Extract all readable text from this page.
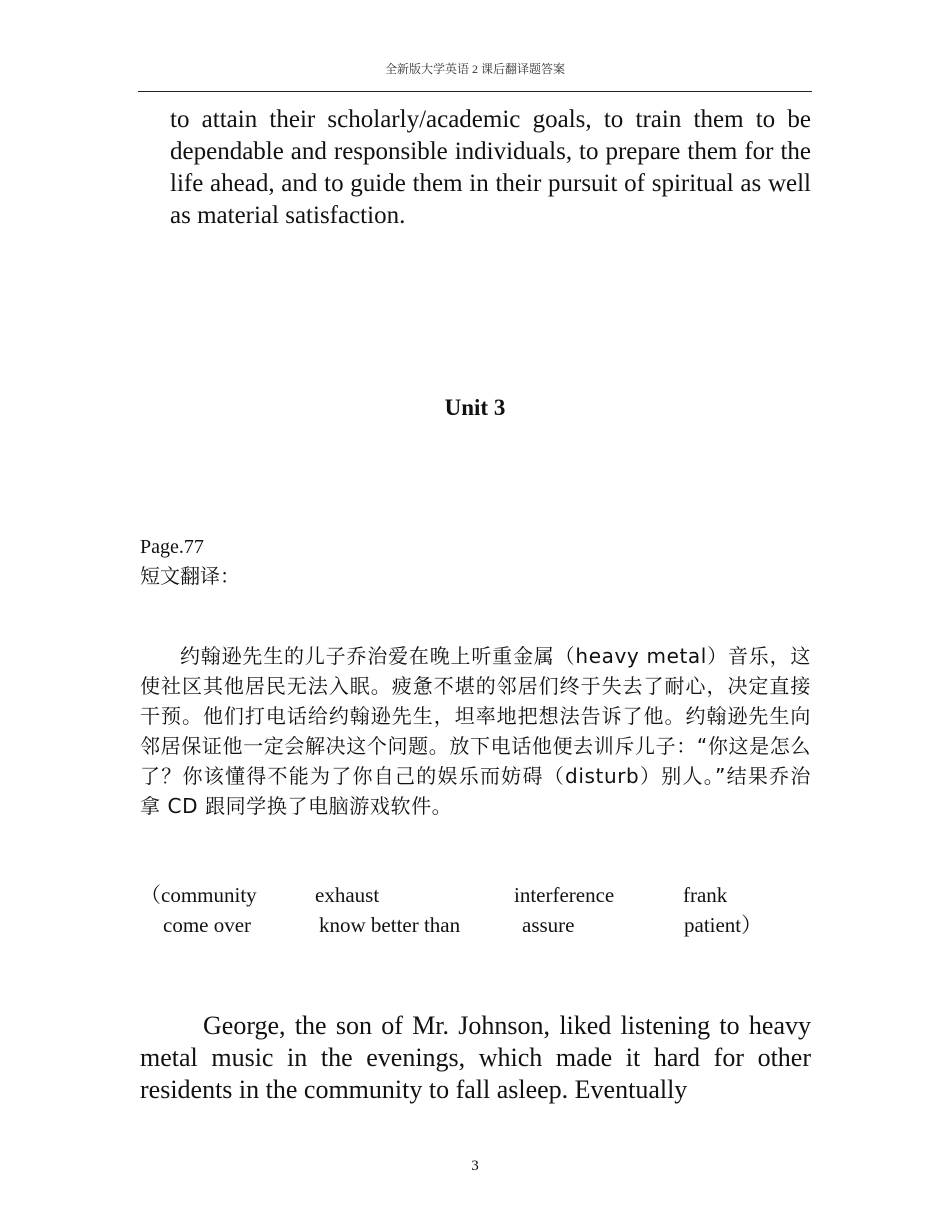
全新版大学英语 2 课后翻译题答案

to attain their scholarly/academic goals, to train them to be dependable and responsible individuals, to prepare them for the life ahead, and to guide them in their pursuit of spiritual as well as material satisfaction.

Unit 3
Page.77
短文翻译：

约翰逊先生的儿子乔治爱在晚上听重金属（heavy metal）音乐，这使社区其他居民无法入眠。疲惫不堪的邻居们终于失去了耐心，决定直接干预。他们打电话给约翰逊先生，坦率地把想法告诉了他。约翰逊先生向邻居保证他一定会解决这个问题。放下电话他便去训斥儿子：“你这是怎么了？你该懂得不能为了你自己的娱乐而妨碍（disturb）别人。”结果乔治拿 CD 跟同学换了电脑游戏软件。

（community	exhaust	interference	frank
come over	know better than	assure	patient）

George, the son of Mr. Johnson, liked listening to heavy metal music in the evenings, which made it hard for other residents in the community to fall asleep. Eventually

3
